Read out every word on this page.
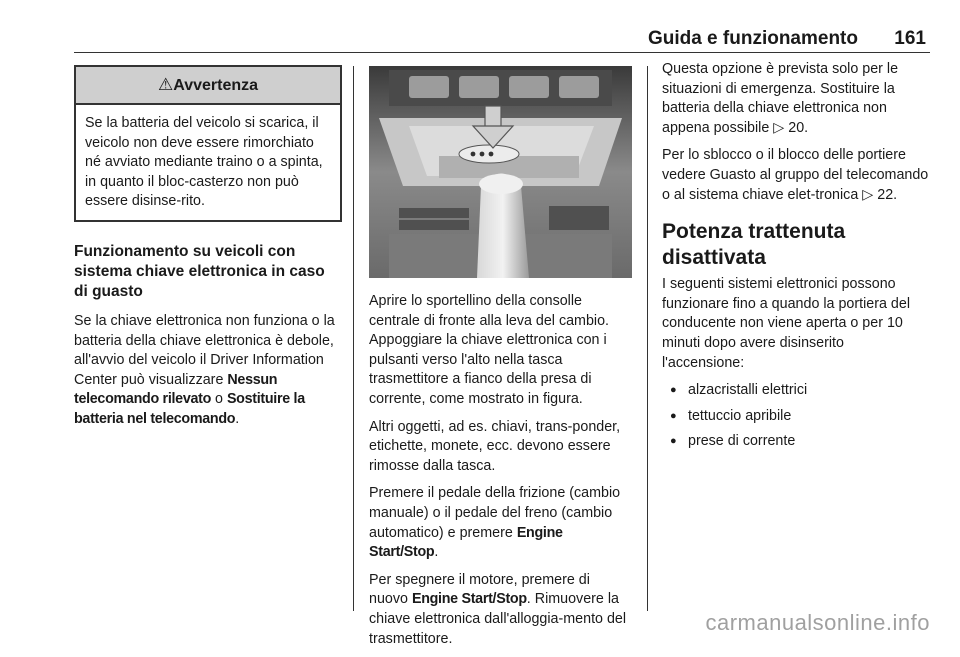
Guida e funzionamento 161
⚠Avvertenza
Se la batteria del veicolo si scarica, il veicolo non deve essere rimorchiato né avviato mediante traino o a spinta, in quanto il bloc-casterzo non può essere disinse-rito.
Funzionamento su veicoli con sistema chiave elettronica in caso di guasto

Se la chiave elettronica non funziona o la batteria della chiave elettronica è debole, all'avvio del veicolo il Driver Information Center può visualizzare Nessun telecomando rilevato o Sostituire la batteria nel telecomando.

Aprire lo sportellino della consolle centrale di fronte alla leva del cambio. Appoggiare la chiave elettronica con i pulsanti verso l'alto nella tasca trasmettitore a fianco della presa di corrente, come mostrato in figura.

Altri oggetti, ad es. chiavi, trans-ponder, etichette, monete, ecc. devono essere rimosse dalla tasca.

Premere il pedale della frizione (cambio manuale) o il pedale del freno (cambio automatico) e premere Engine Start/Stop.

Per spegnere il motore, premere di nuovo Engine Start/Stop. Rimuovere la chiave elettronica dall'alloggia-mento del trasmettitore.

Questa opzione è prevista solo per le situazioni di emergenza. Sostituire la batteria della chiave elettronica non appena possibile ▷ 20.

Per lo sblocco o il blocco delle portiere vedere Guasto al gruppo del telecomando o al sistema chiave elet-tronica ▷ 22.

Potenza trattenuta disattivata

I seguenti sistemi elettronici possono funzionare fino a quando la portiera del conducente non viene aperta o per 10 minuti dopo avere disinserito l'accensione:

● alzacristalli elettrici
● tettuccio apribile
● prese di corrente
carmanualsonline.info
